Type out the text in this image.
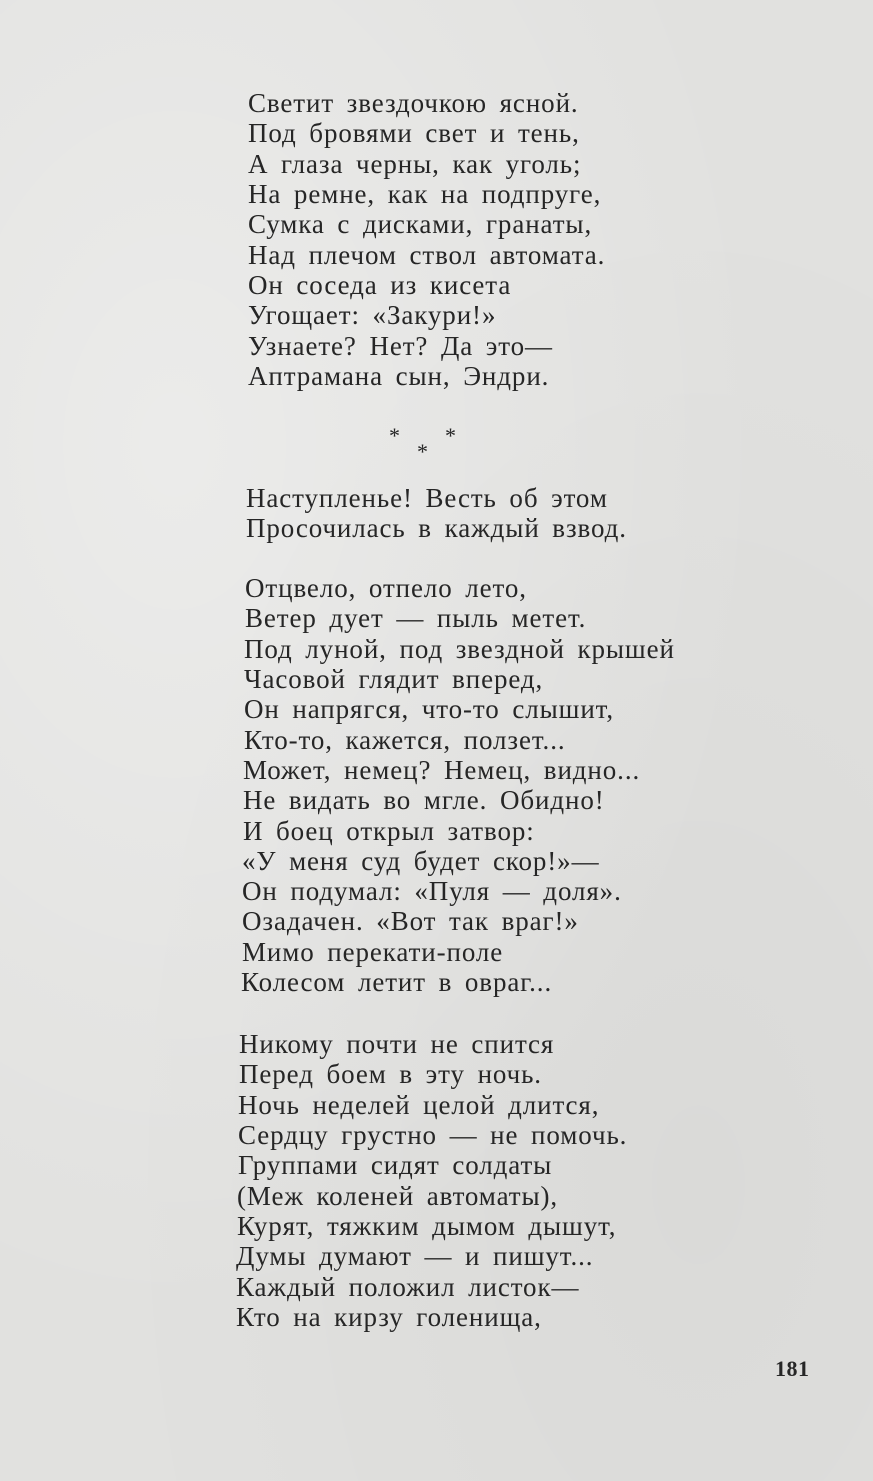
Светит звездочкою ясной.
Под бровями свет и тень,
А глаза черны, как уголь;
На ремне, как на подпруге,
Сумка с дисками, гранаты,
Над плечом ствол автомата.
Он соседа из кисета
Угощает: «Закури!»
Узнаете? Нет? Да это—
Аптрамана сын, Эндри.
* *
*
Наступленье! Весть об этом
Просочилась в каждый взвод.
Отцвело, отпело лето,
Ветер дует — пыль метет.
Под луной, под звездной крышей
Часовой глядит вперед,
Он напрягся, что-то слышит,
Кто-то, кажется, ползет...
Может, немец? Немец, видно...
Не видать во мгле. Обидно!
И боец открыл затвор:
«У меня суд будет скор!»—
Он подумал: «Пуля — доля».
Озадачен. «Вот так враг!»
Мимо перекати-поле
Колесом летит в овраг...
Никому почти не спится
Перед боем в эту ночь.
Ночь неделей целой длится,
Сердцу грустно — не помочь.
Группами сидят солдаты
(Меж коленей автоматы),
Курят, тяжким дымом дышут,
Думы думают — и пишут...
Каждый положил листок—
Кто на кирзу голенища,
181
